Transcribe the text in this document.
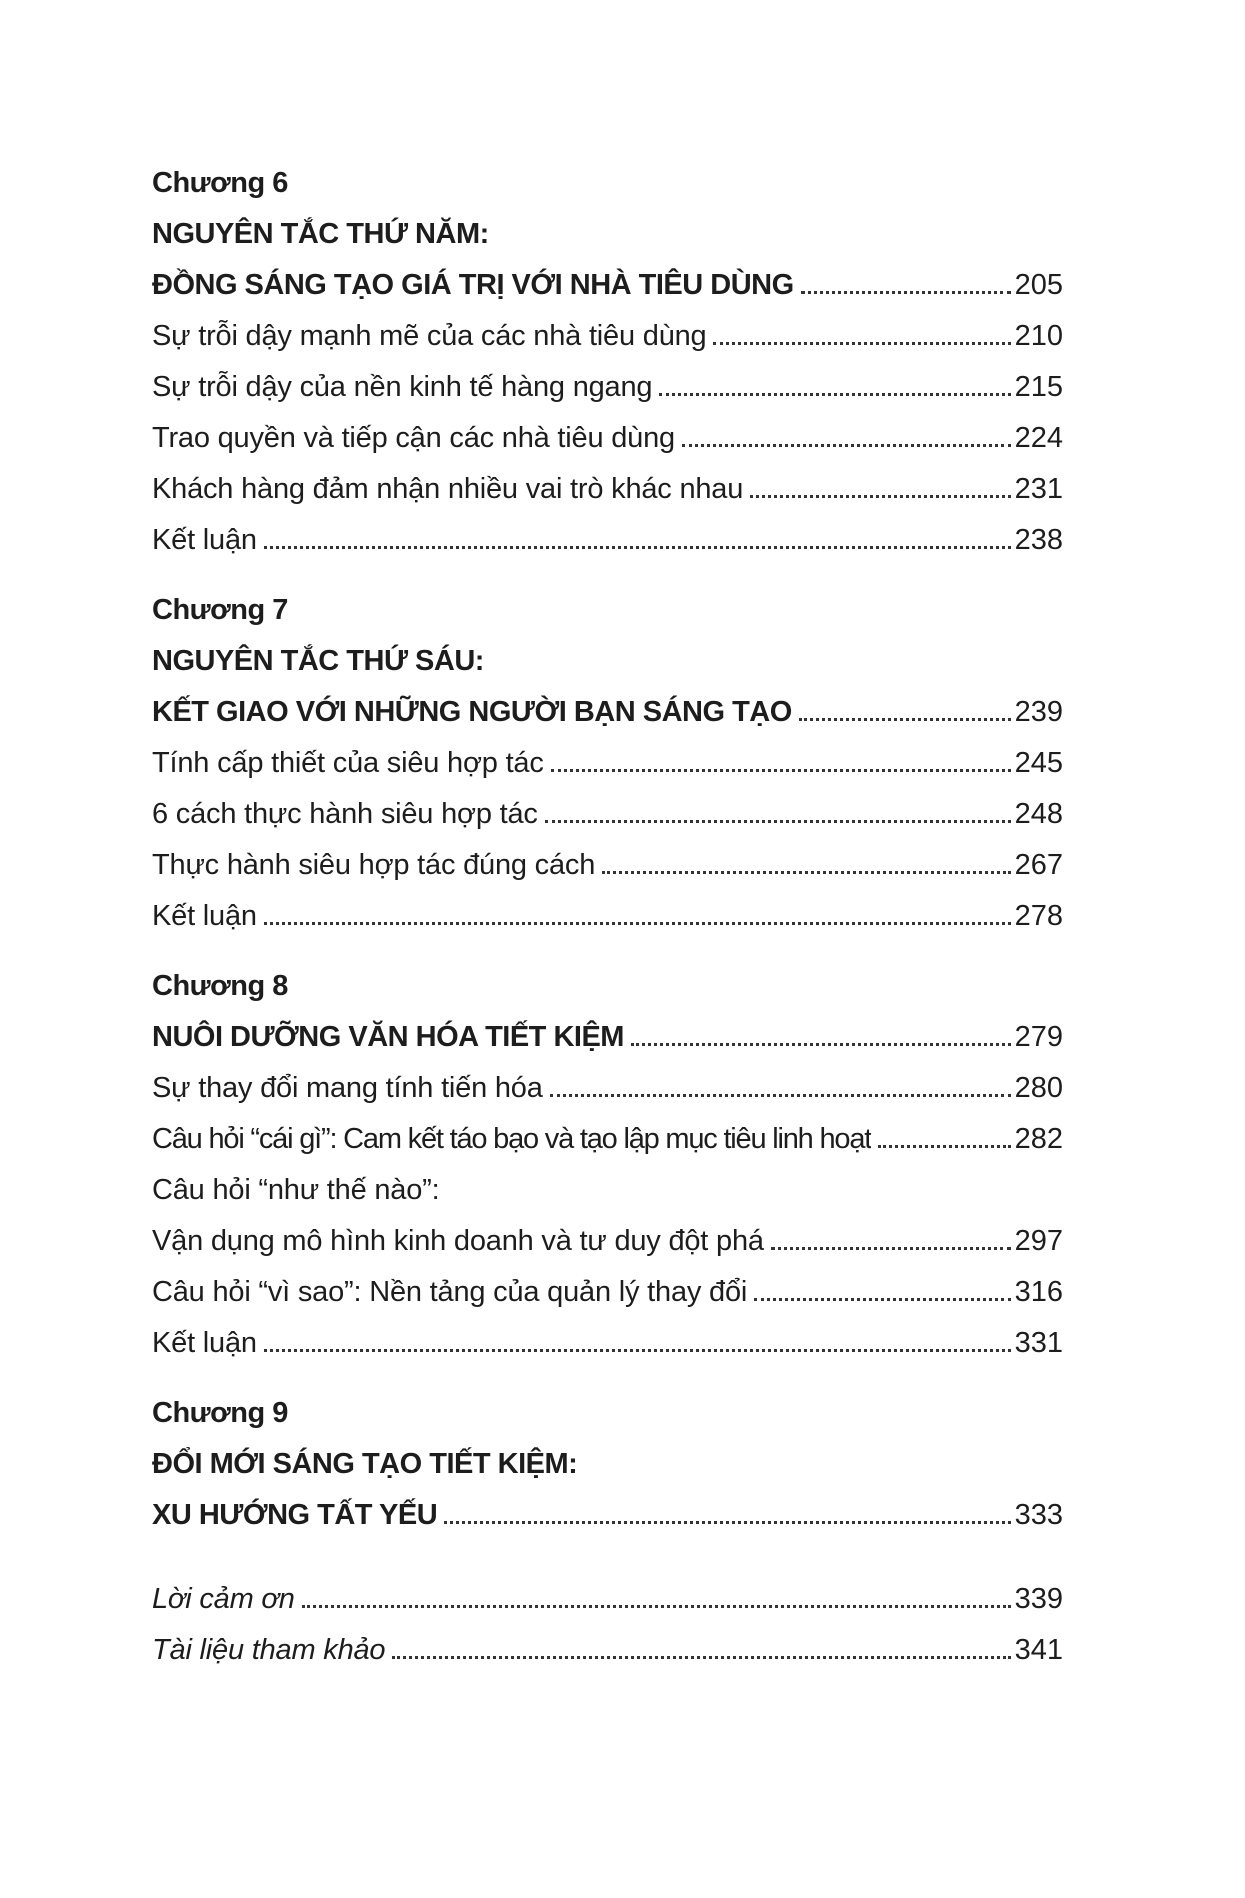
Chương 6
NGUYÊN TẮC THỨ NĂM:
ĐỒNG SÁNG TẠO GIÁ TRỊ VỚI NHÀ TIÊU DÙNG	205
Sự trỗi dậy mạnh mẽ của các nhà tiêu dùng	210
Sự trỗi dậy của nền kinh tế hàng ngang	215
Trao quyền và tiếp cận các nhà tiêu dùng	224
Khách hàng đảm nhận nhiều vai trò khác nhau	231
Kết luận	238
Chương 7
NGUYÊN TẮC THỨ SÁU:
KẾT GIAO VỚI NHỮNG NGƯỜI BẠN SÁNG TẠO	239
Tính cấp thiết của siêu hợp tác	245
6 cách thực hành siêu hợp tác	248
Thực hành siêu hợp tác đúng cách	267
Kết luận	278
Chương 8
NUÔI DƯỠNG VĂN HÓA TIẾT KIỆM	279
Sự thay đổi mang tính tiến hóa	280
Câu hỏi “cái gì”: Cam kết táo bạo và tạo lập mục tiêu linh hoạt	282
Câu hỏi “như thế nào”:
Vận dụng mô hình kinh doanh và tư duy đột phá	297
Câu hỏi “vì sao”: Nền tảng của quản lý thay đổi	316
Kết luận	331
Chương 9
ĐỔI MỚI SÁNG TẠO TIẾT KIỆM:
XU HƯỚNG TẤT YẾU	333
Lời cảm ơn	339
Tài liệu tham khảo	341
